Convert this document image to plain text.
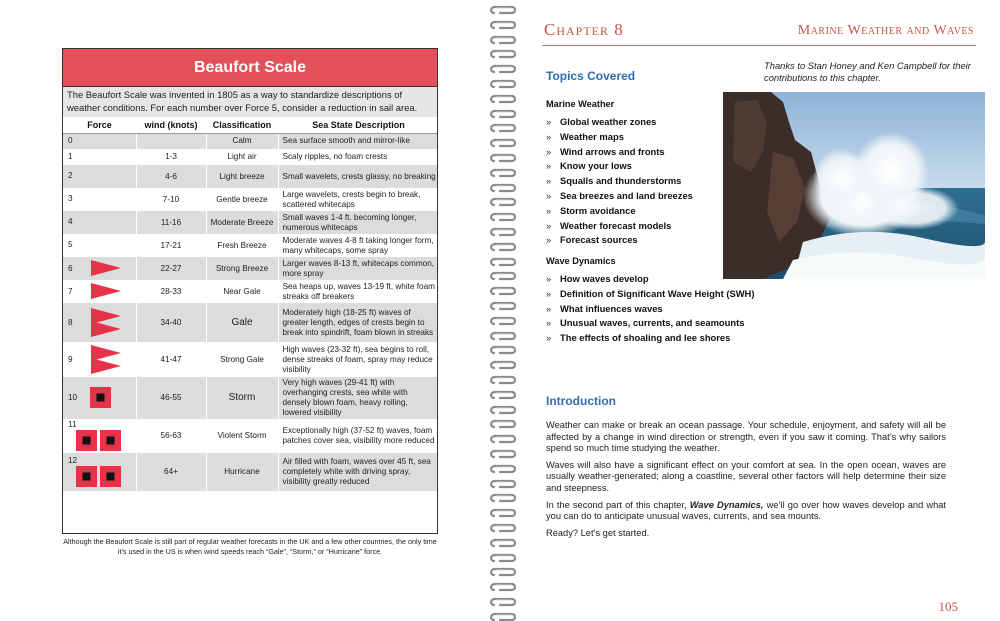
Beaufort Scale
The Beaufort Scale was invented in 1805 as a way to standardize descriptions of weather conditions. For each number over Force 5, consider a reduction in sail area.
Force	wind (knots)	Classification	Sea State Description
0		Calm	Sea surface smooth and mirror-like
1	1-3	Light air	Scaly ripples, no foam crests
2	4-6	Light breeze	Small wavelets, crests glassy, no breaking
3	7-10	Gentle breeze	Large wavelets, crests begin to break, scattered whitecaps
4	11-16	Moderate Breeze	Small waves 1-4 ft. becoming longer, numerous whitecaps
5	17-21	Fresh Breeze	Moderate waves 4-8 ft taking longer form, many whitecaps, some spray
6	22-27	Strong Breeze	Larger waves 8-13 ft, whitecaps common, more spray
7	28-33	Near Gale	Sea heaps up, waves 13-19 ft, white foam streaks off breakers
8	34-40	Gale	Moderately high (18-25 ft) waves of greater length, edges of crests begin to break into spindrift, foam blown in streaks
9	41-47	Strong Gale	High waves (23-32 ft), sea begins to roll, dense streaks of foam, spray may reduce visibility
10	46-55	Storm	Very high waves (29-41 ft) with overhanging crests, sea white with densely blown foam, heavy rolling, lowered visibility
11	56-63	Violent Storm	Exceptionally high (37-52 ft) waves, foam patches cover sea, visibility more reduced
12	64+	Hurricane	Air filled with foam, waves over 45 ft, sea completely white with driving spray, visibility greatly reduced
Although the Beaufort Scale is still part of regular weather forecasts in the UK and a few other countries, the only time it’s used in the US is when wind speeds reach “Gale”, “Storm,” or “Hurricane” force.
Chapter 8	Marine Weather and Waves
Thanks to Stan Honey and Ken Campbell for their contributions to this chapter.
Topics Covered
Marine Weather
» Global weather zones
» Weather maps
» Wind arrows and fronts
» Know your lows
» Squalls and thunderstorms
» Sea breezes and land breezes
» Storm avoidance
» Weather forecast models
» Forecast sources
Wave Dynamics
» How waves develop
» Definition of Significant Wave Height (SWH)
» What influences waves
» Unusual waves, currents, and seamounts
» The effects of shoaling and lee shores
Introduction

Weather can make or break an ocean passage. Your schedule, enjoyment, and safety will all be affected by a change in wind direction or strength, even if you saw it coming. That’s why sailors spend so much time studying the weather.

Waves will also have a significant effect on your comfort at sea. In the open ocean, waves are usually weather-generated; along a coastline, several other factors will help determine their size and steepness.

In the second part of this chapter, Wave Dynamics, we’ll go over how waves develop and what you can do to anticipate unusual waves, currents, and sea mounts.

Ready? Let’s get started.

105
